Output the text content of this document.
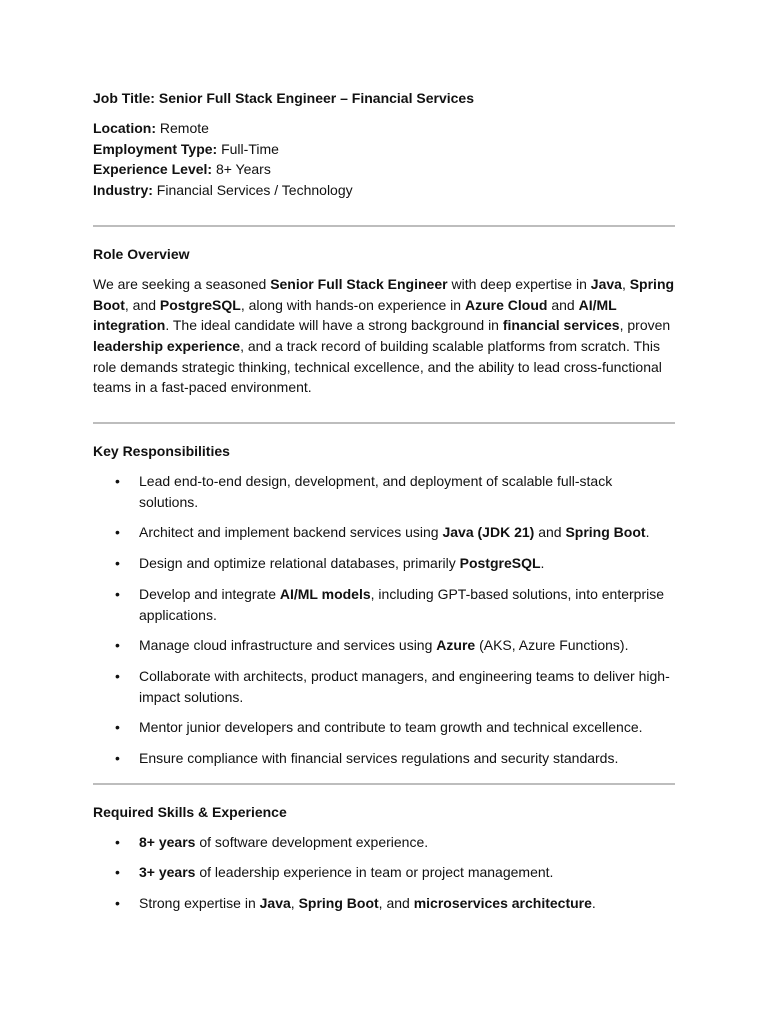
Job Title: Senior Full Stack Engineer – Financial Services
Location: Remote
Employment Type: Full-Time
Experience Level: 8+ Years
Industry: Financial Services / Technology
Role Overview

We are seeking a seasoned Senior Full Stack Engineer with deep expertise in Java, Spring Boot, and PostgreSQL, along with hands-on experience in Azure Cloud and AI/ML integration. The ideal candidate will have a strong background in financial services, proven leadership experience, and a track record of building scalable platforms from scratch. This role demands strategic thinking, technical excellence, and the ability to lead cross-functional teams in a fast-paced environment.

Key Responsibilities
• Lead end-to-end design, development, and deployment of scalable full-stack solutions.
• Architect and implement backend services using Java (JDK 21) and Spring Boot.
• Design and optimize relational databases, primarily PostgreSQL.
• Develop and integrate AI/ML models, including GPT-based solutions, into enterprise applications.
• Manage cloud infrastructure and services using Azure (AKS, Azure Functions).
• Collaborate with architects, product managers, and engineering teams to deliver high-impact solutions.
• Mentor junior developers and contribute to team growth and technical excellence.
• Ensure compliance with financial services regulations and security standards.
Required Skills & Experience
• 8+ years of software development experience.
• 3+ years of leadership experience in team or project management.
• Strong expertise in Java, Spring Boot, and microservices architecture.
